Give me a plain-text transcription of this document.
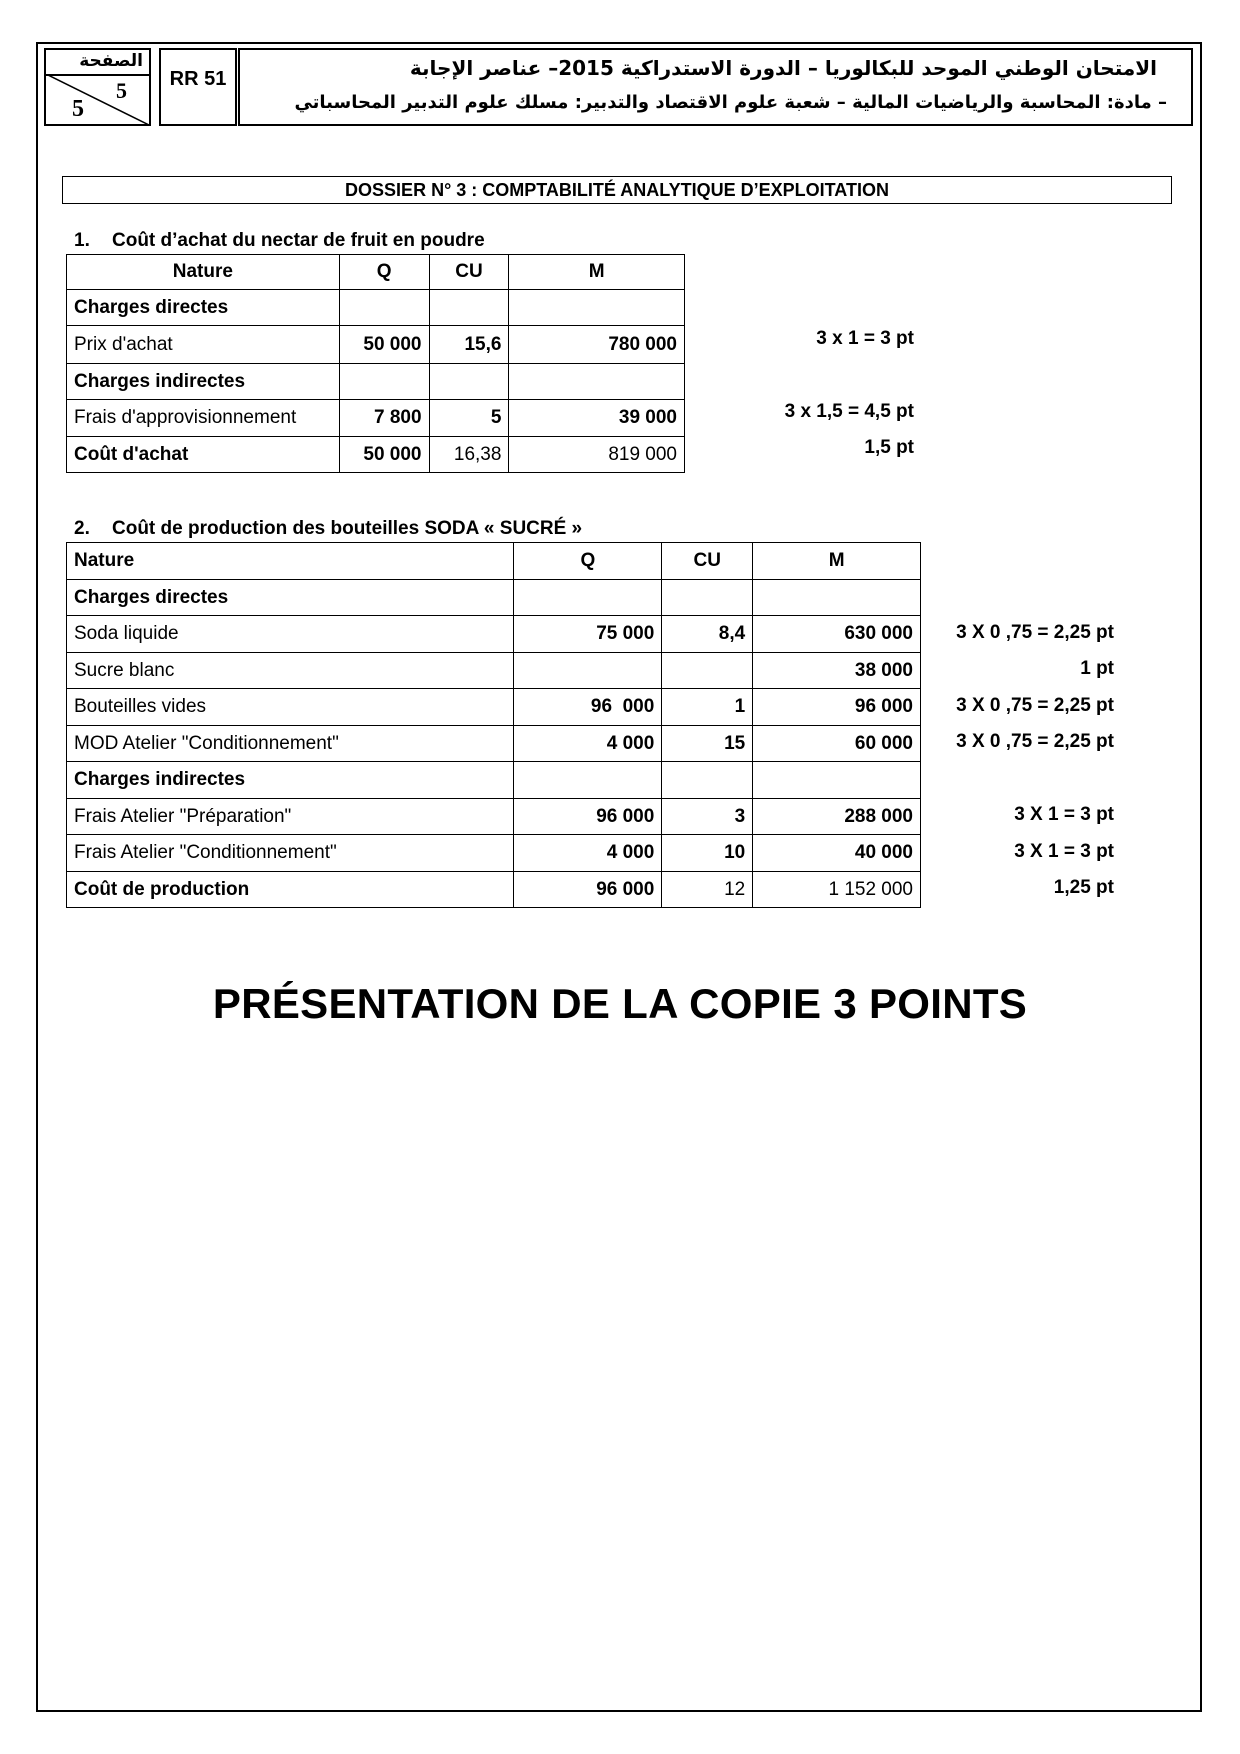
الصفحة
5
5
RR 51	الامتحان الوطني الموحد للبكالوريا – الدورة الاستدراكية 2015– عناصر الإجابة
– مادة: المحاسبة والرياضيات المالية – شعبة علوم الاقتصاد والتدبير: مسلك علوم التدبير المحاسباتي
DOSSIER N° 3 : COMPTABILITÉ ANALYTIQUE D’EXPLOITATION
1. Coût d’achat du nectar de fruit en poudre
Nature	Q	CU	M
Charges directes			
Prix d'achat	50 000	15,6	780 000
Charges indirectes			
Frais d'approvisionnement	7 800	5	39 000
Coût d'achat	50 000	16,38	819 000
3 x 1 = 3 pt
3 x 1,5 = 4,5 pt
1,5 pt
2. Coût de production des bouteilles SODA « SUCRÉ »
Nature	Q	CU	M
Charges directes			
Soda liquide	75 000	8,4	630 000
Sucre blanc			38 000
Bouteilles vides	96  000	1	96 000
MOD Atelier "Conditionnement"	4 000	15	60 000
Charges indirectes			
Frais Atelier "Préparation"	96 000	3	288 000
Frais Atelier "Conditionnement"	4 000	10	40 000
Coût de production	96 000	12	1 152 000
3 X 0 ,75 = 2,25 pt
1 pt
3 X 0 ,75 = 2,25 pt
3 X 0 ,75 = 2,25 pt
3 X 1 = 3 pt
3 X 1 = 3 pt
1,25 pt
PRÉSENTATION DE LA COPIE 3 POINTS
